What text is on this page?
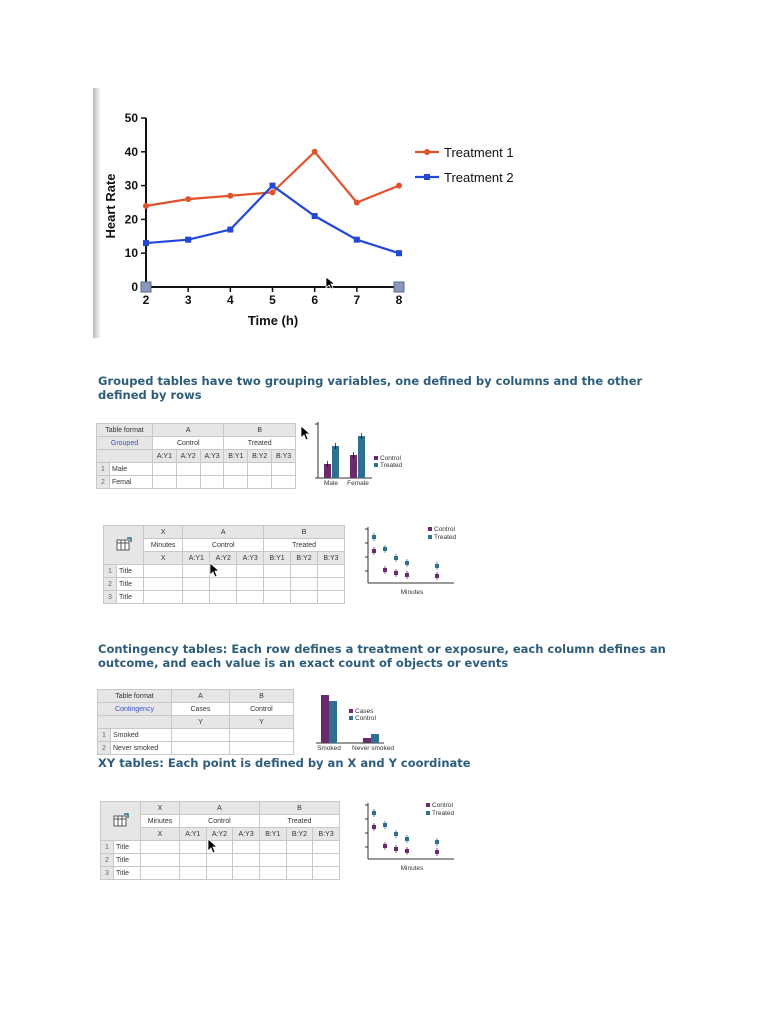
0
10
20
30
40
50
2	3	4	5	6	7	8
Treatment 1
Treatment 2
Heart Rate
Time (h)
Grouped tables have two grouping variables, one defined by columns and the other defined by rows
Table format		A			B		
Grouped		Control			Treated		
		A:Y1	A:Y2	A:Y3	B:Y1	B:Y2	B:Y3
1	Male						
2	Femal							Male Female
Control
Treated
	X	A			B		
		Minutes	Control			Treated		
		X	A:Y1	A:Y2	A:Y3	B:Y1	B:Y2	B:Y3
1	Title							
2	Title							
3	Title							
Control
Treated
Minutes
Contingency tables: Each row defines a treatment or exposure, each column defines an outcome, and each value is an exact count of objects or events
Table format		A	B
Contingency		Cases	Control
		Y	Y
1	Smoked		
2	Never smoked			Smoked Never smoked
Cases
Control
XY tables: Each point is defined by an X and Y coordinate
	X	A			B		
		Minutes	Control			Treated		
		X	A:Y1	A:Y2	A:Y3	B:Y1	B:Y2	B:Y3
1	Title							
2	Title							
3	Title							
Control
Treated
Minutes
